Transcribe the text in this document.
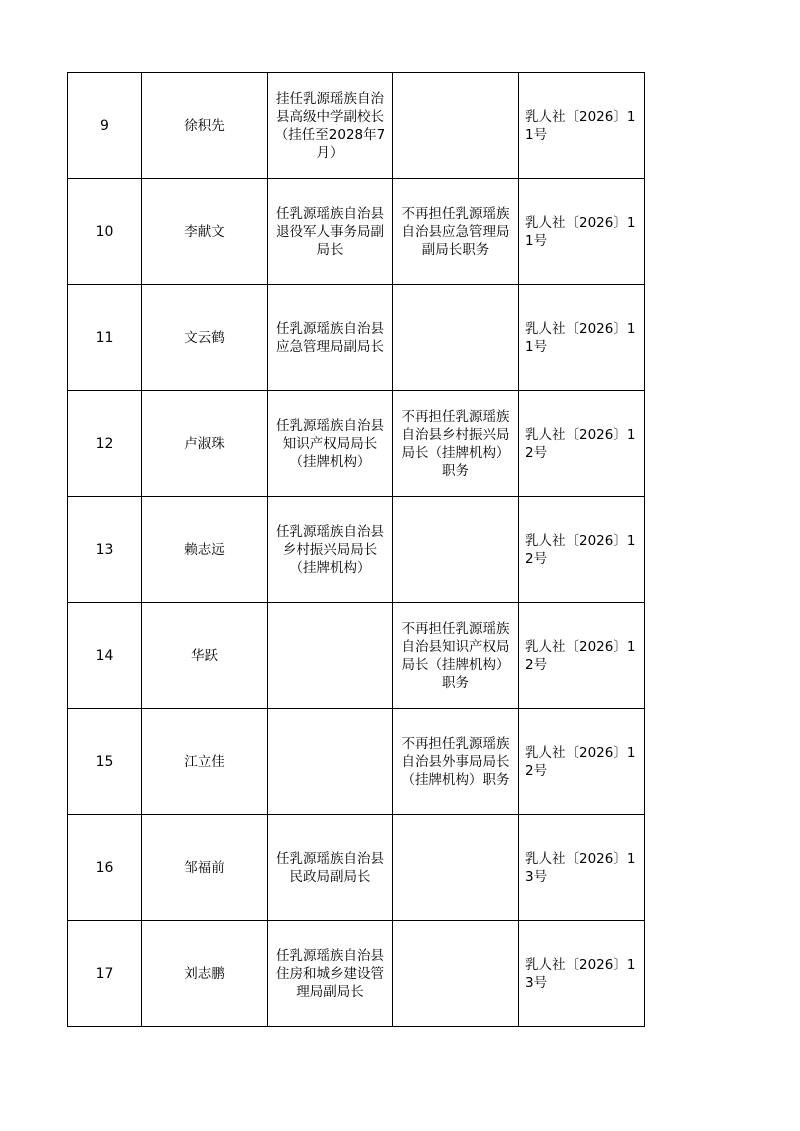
9	徐积先	挂任乳源瑶族自治县高级中学副校长（挂任至2028年7月）		乳人社〔2026〕11号
10	李献文	任乳源瑶族自治县退役军人事务局副局长	不再担任乳源瑶族自治县应急管理局副局长职务	乳人社〔2026〕11号
11	文云鹤	任乳源瑶族自治县应急管理局副局长		乳人社〔2026〕11号
12	卢淑珠	任乳源瑶族自治县知识产权局局长（挂牌机构）	不再担任乳源瑶族自治县乡村振兴局局长（挂牌机构）职务	乳人社〔2026〕12号
13	赖志远	任乳源瑶族自治县乡村振兴局局长（挂牌机构）		乳人社〔2026〕12号
14	华跃		不再担任乳源瑶族自治县知识产权局局长（挂牌机构）职务	乳人社〔2026〕12号
15	江立佳		不再担任乳源瑶族自治县外事局局长（挂牌机构）职务	乳人社〔2026〕12号
16	邹福前	任乳源瑶族自治县民政局副局长		乳人社〔2026〕13号
17	刘志鹏	任乳源瑶族自治县住房和城乡建设管理局副局长		乳人社〔2026〕13号
